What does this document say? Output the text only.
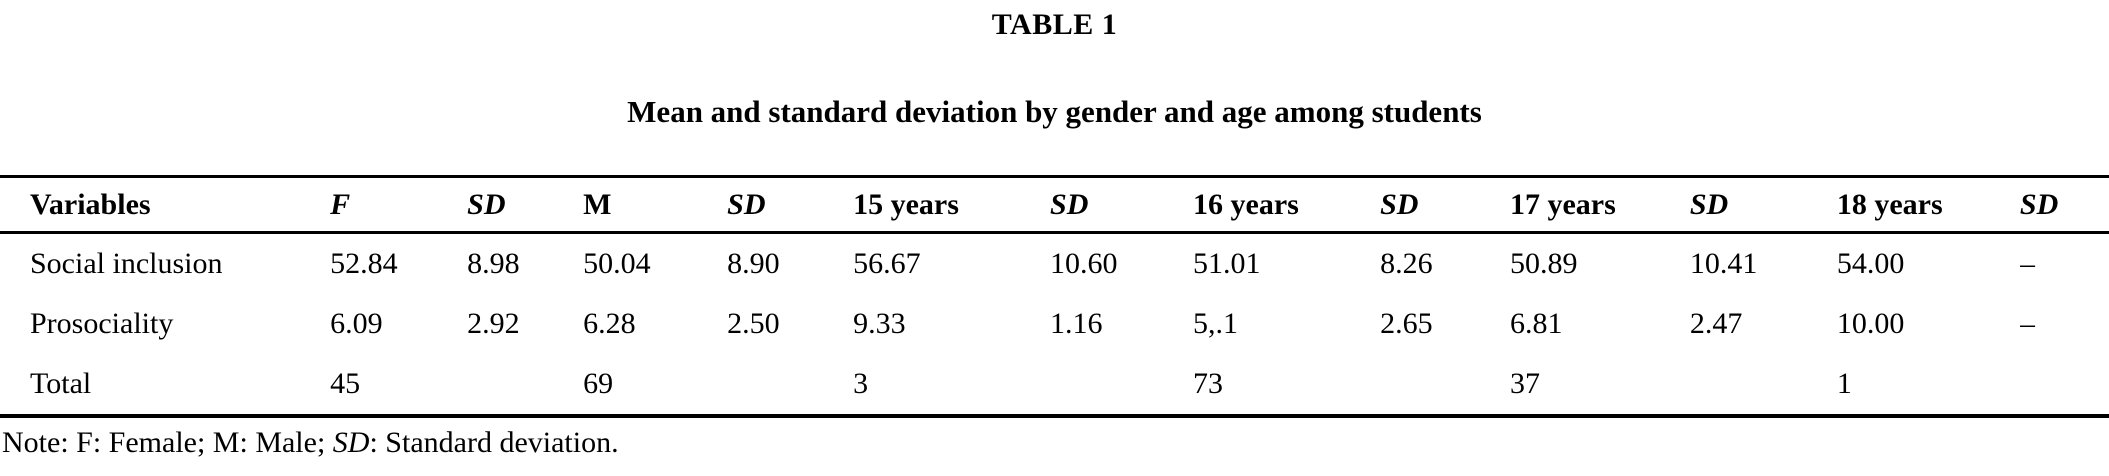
TABLE 1
Mean and standard deviation by gender and age among students
Variables	F	SD	M	SD	15 years	SD	16 years	SD	17 years	SD	18 years	SD
Social inclusion	52.84	8.98	50.04	8.90	56.67	10.60	51.01	8.26	50.89	10.41	54.00	–
Prosociality	6.09	2.92	6.28	2.50	9.33	1.16	5,.1	2.65	6.81	2.47	10.00	–
Total	45		69		3		73		37		1	
Note: F: Female; M: Male; SD: Standard deviation.
